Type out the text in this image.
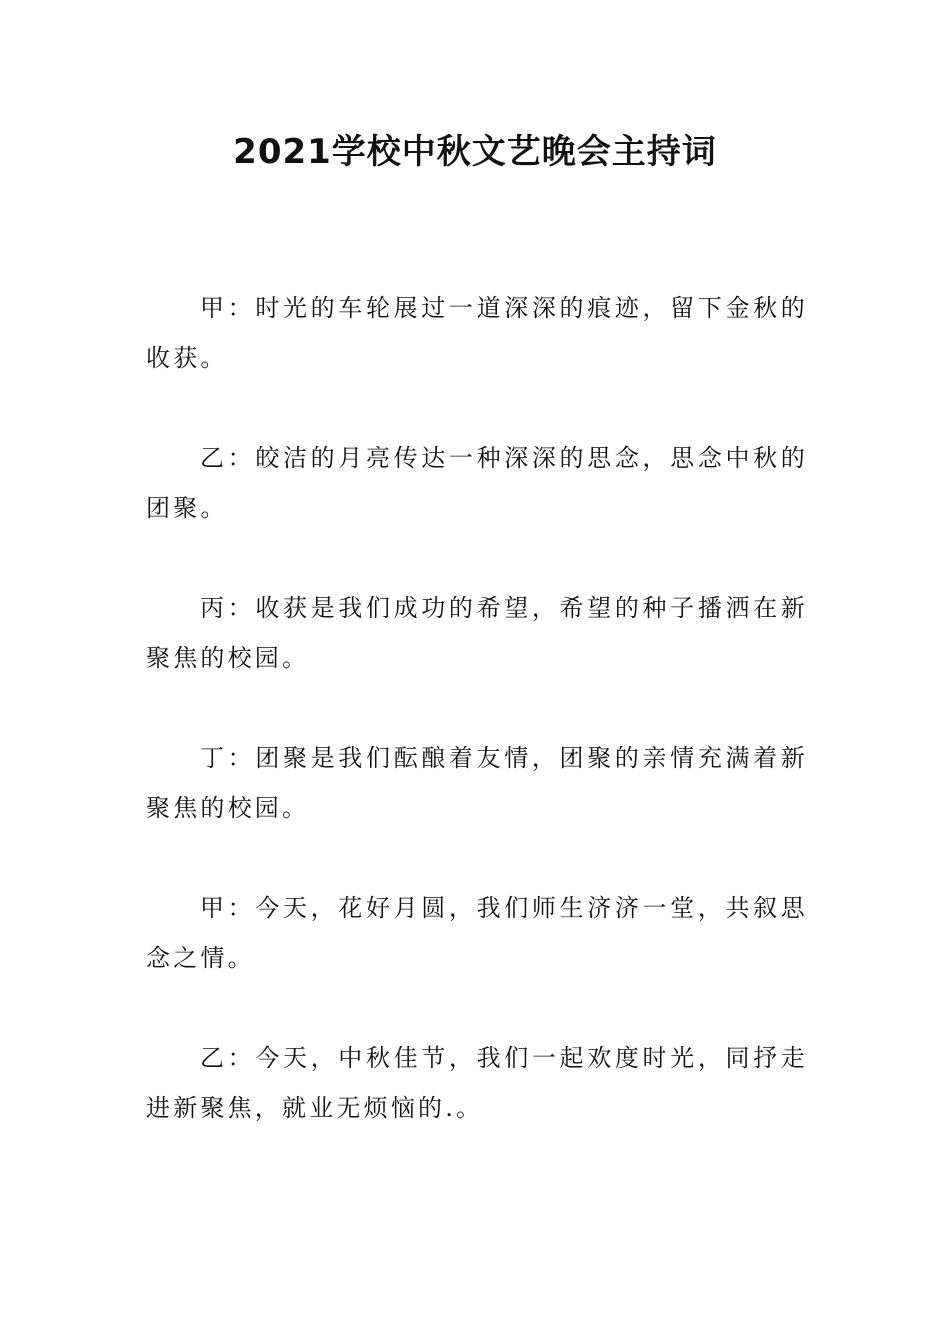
2021学校中秋文艺晚会主持词

甲：时光的车轮展过一道深深的痕迹，留下金秋的收获。

乙：皎洁的月亮传达一种深深的思念，思念中秋的团聚。

丙：收获是我们成功的希望，希望的种子播洒在新聚焦的校园。

丁：团聚是我们酝酿着友情，团聚的亲情充满着新聚焦的校园。

甲：今天，花好月圆，我们师生济济一堂，共叙思念之情。

乙：今天，中秋佳节，我们一起欢度时光，同抒走进新聚焦，就业无烦恼的.。
